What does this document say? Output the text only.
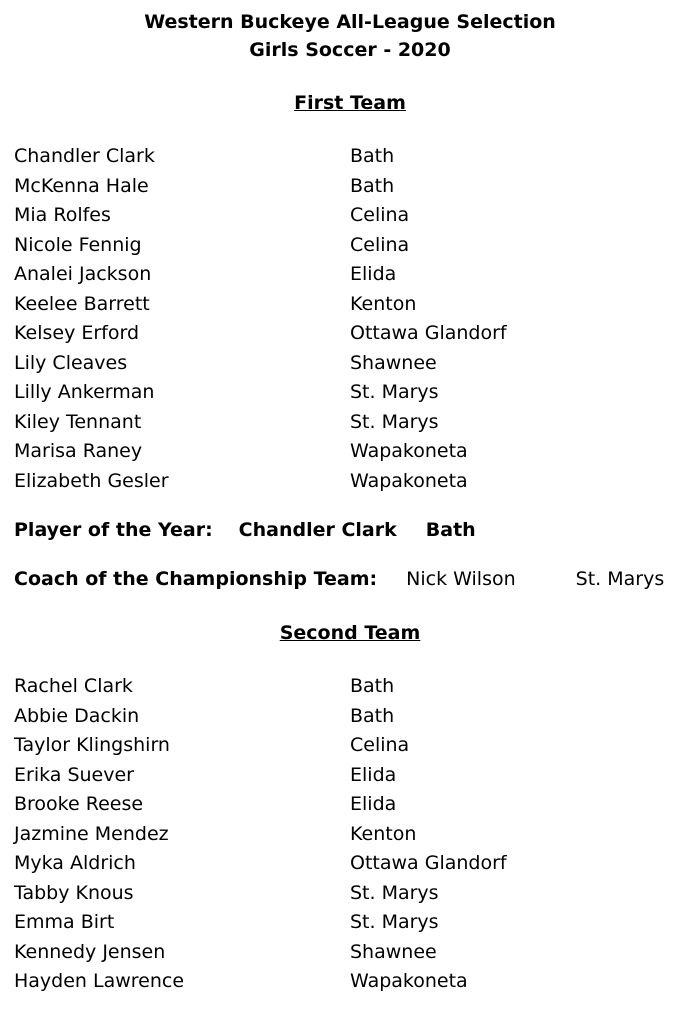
Western Buckeye All-League Selection
Girls Soccer - 2020
First Team
Chandler Clark	Bath
McKenna Hale	Bath
Mia Rolfes	Celina
Nicole Fennig	Celina
Analei Jackson	Elida
Keelee Barrett	Kenton
Kelsey Erford	Ottawa Glandorf
Lily Cleaves	Shawnee
Lilly Ankerman	St. Marys
Kiley Tennant	St. Marys
Marisa Raney	Wapakoneta
Elizabeth Gesler	Wapakoneta
Player of the Year: Chandler Clark Bath
Coach of the Championship Team: Nick Wilson	St. Marys
Second Team
Rachel Clark	Bath
Abbie Dackin	Bath
Taylor Klingshirn	Celina
Erika Suever	Elida
Brooke Reese	Elida
Jazmine Mendez	Kenton
Myka Aldrich	Ottawa Glandorf
Tabby Knous	St. Marys
Emma Birt	St. Marys
Kennedy Jensen	Shawnee
Hayden Lawrence	Wapakoneta
